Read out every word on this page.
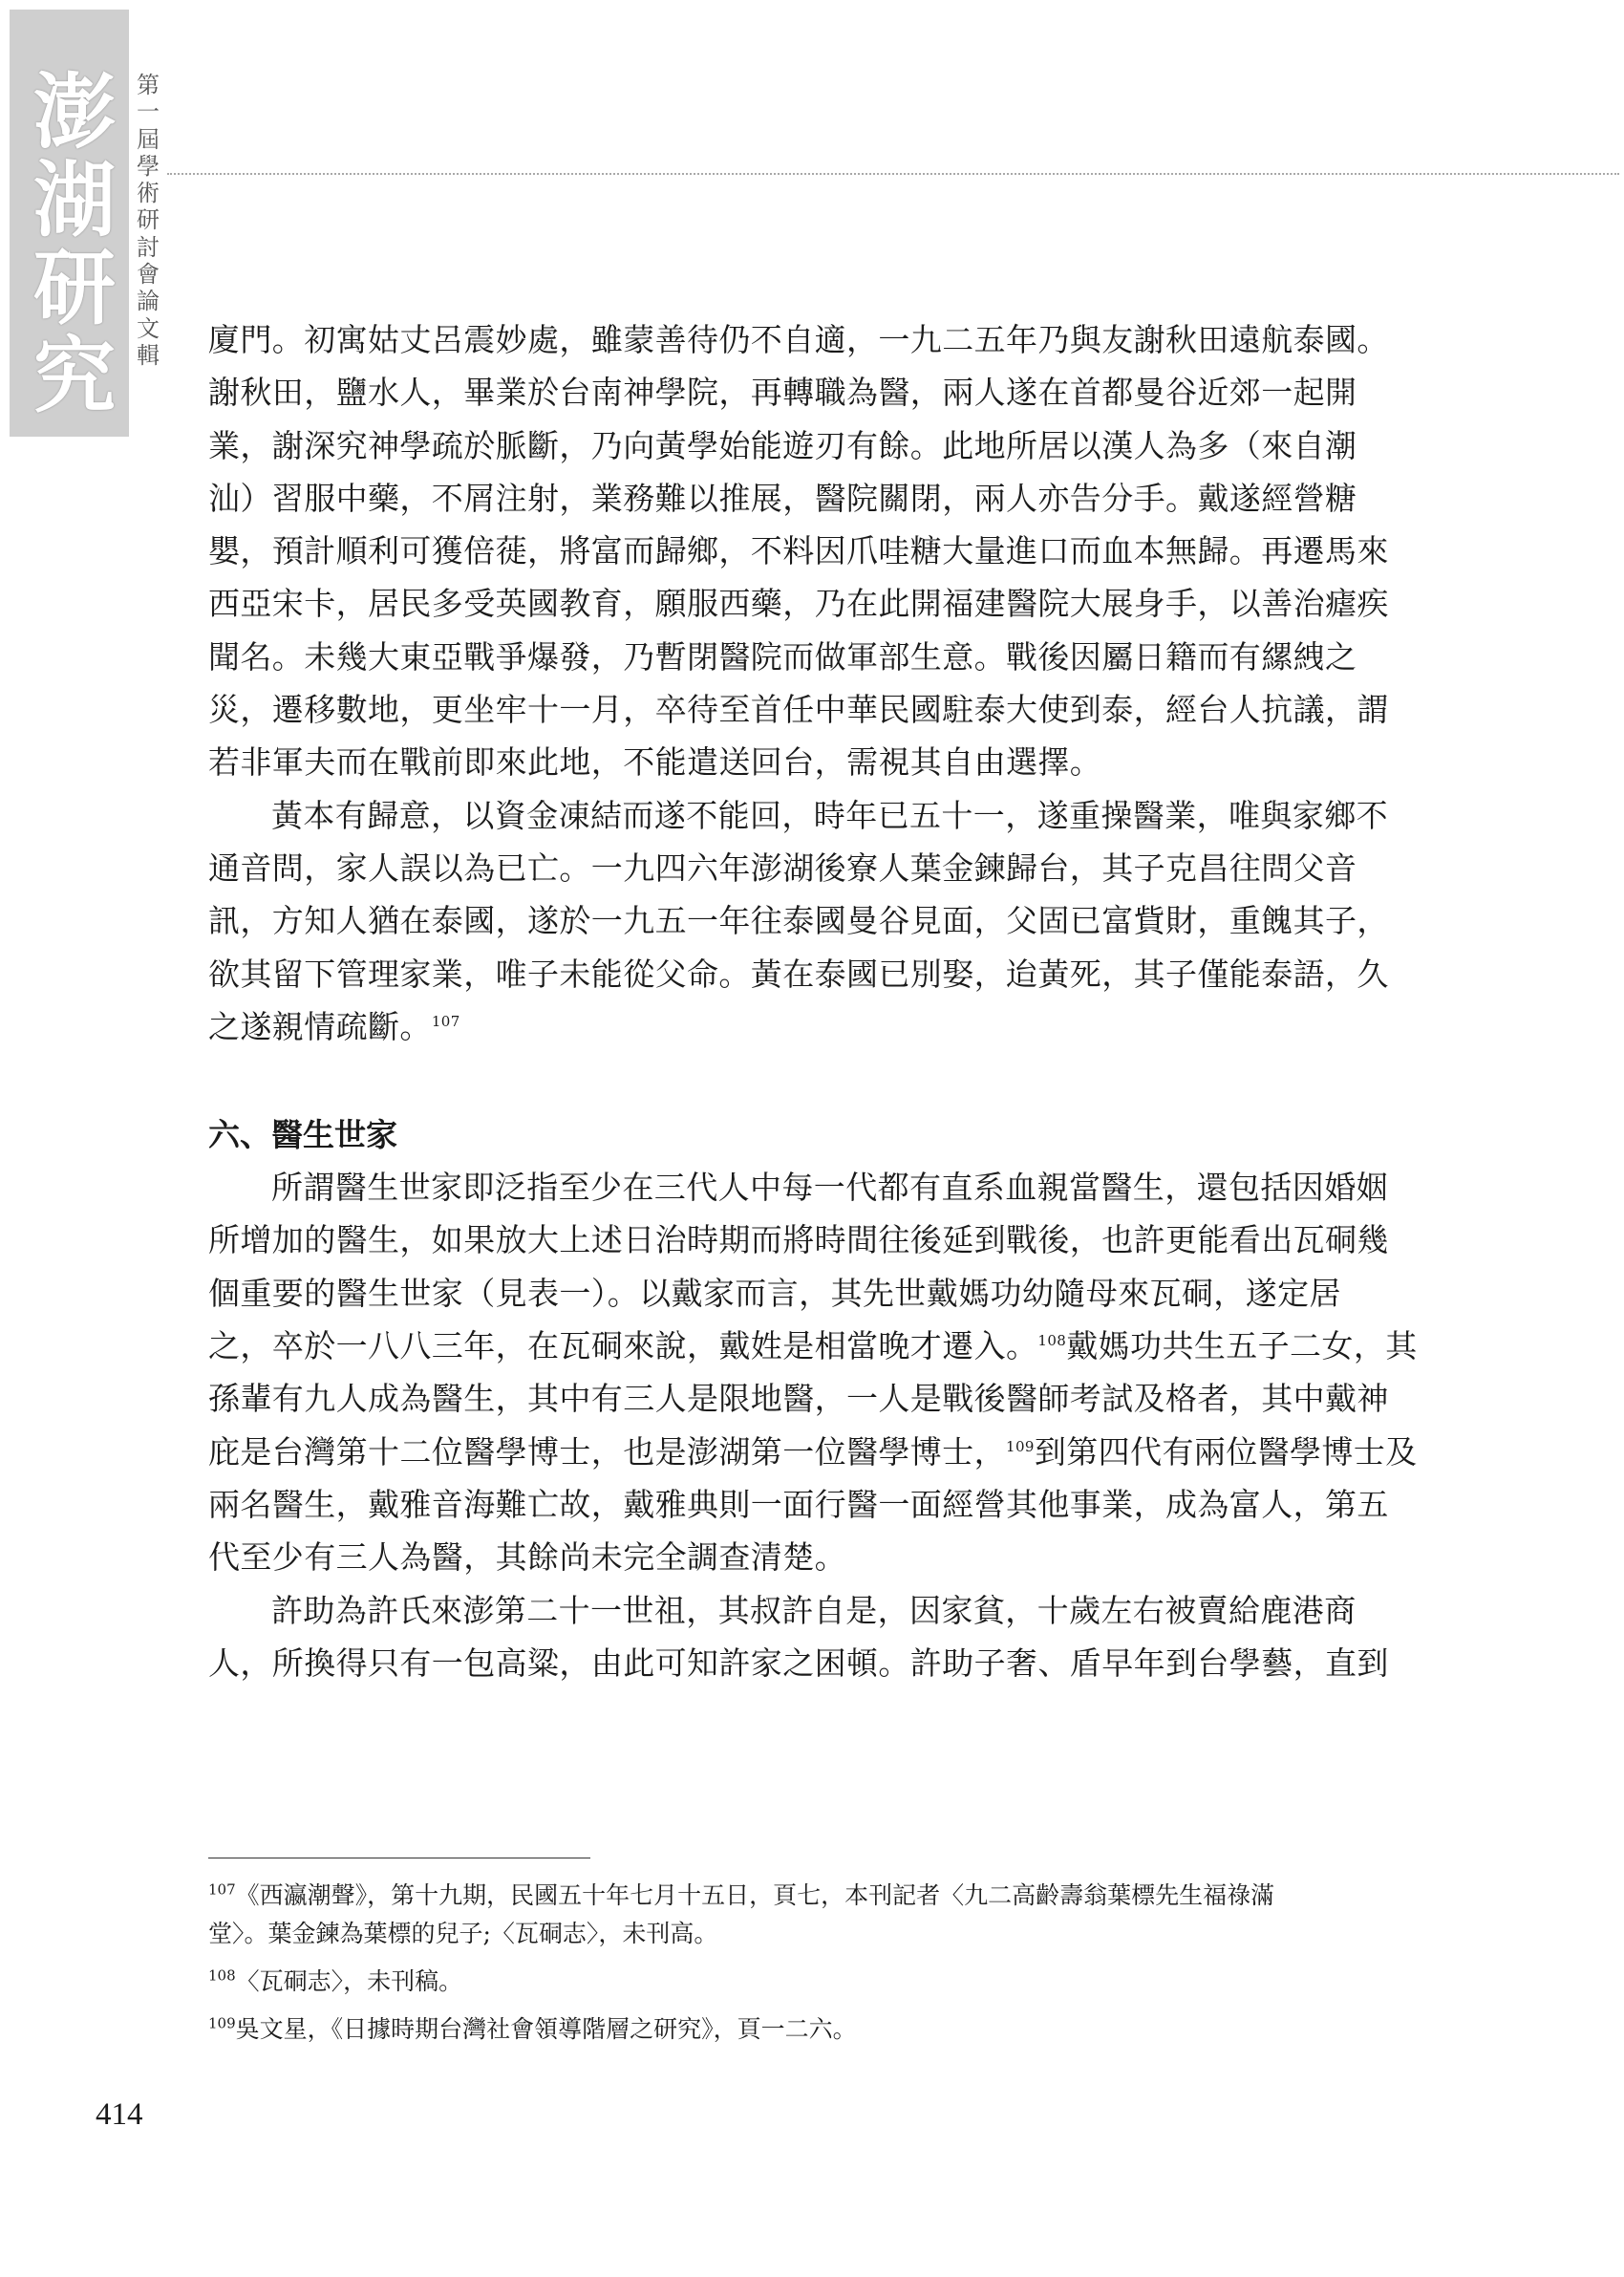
澎
湖
研
究
第
一
屆
學
術
研
討
會
論
文
輯 廈門。初寓姑丈呂震妙處，雖蒙善待仍不自適，一九二五年乃與友謝秋田遠航泰國。
謝秋田，鹽水人，畢業於台南神學院，再轉職為醫，兩人遂在首都曼谷近郊一起開
業，謝深究神學疏於脈斷，乃向黃學始能遊刃有餘。此地所居以漢人為多（來自潮
汕）習服中藥，不屑注射，業務難以推展，醫院關閉，兩人亦告分手。戴遂經營糖
嬰，預計順利可獲倍蓰，將富而歸鄉，不料因爪哇糖大量進口而血本無歸。再遷馬來
西亞宋卡，居民多受英國教育，願服西藥，乃在此開福建醫院大展身手，以善治瘧疾
聞名。未幾大東亞戰爭爆發，乃暫閉醫院而做軍部生意。戰後因屬日籍而有縲絏之
災，遷移數地，更坐牢十一月，卒待至首任中華民國駐泰大使到泰，經台人抗議，謂
若非軍夫而在戰前即來此地，不能遣送回台，需視其自由選擇。
黃本有歸意，以資金凍結而遂不能回，時年已五十一，遂重操醫業，唯與家鄉不
通音問，家人誤以為已亡。一九四六年澎湖後寮人葉金鍊歸台，其子克昌往問父音
訊，方知人猶在泰國，遂於一九五一年往泰國曼谷見面，父固已富貲財，重餽其子，
欲其留下管理家業，唯子未能從父命。黃在泰國已別娶，迨黃死，其子僅能泰語，久
之遂親情疏斷。$^{107}$
六、醫生世家
所謂醫生世家即泛指至少在三代人中每一代都有直系血親當醫生，還包括因婚姻
所增加的醫生，如果放大上述日治時期而將時間往後延到戰後，也許更能看出瓦硐幾
個重要的醫生世家（見表一）。以戴家而言，其先世戴媽功幼隨母來瓦硐，遂定居
之，卒於一八八三年，在瓦硐來說，戴姓是相當晚才遷入。$^{108}$戴媽功共生五子二女，其
孫輩有九人成為醫生，其中有三人是限地醫，一人是戰後醫師考試及格者，其中戴神
庇是台灣第十二位醫學博士，也是澎湖第一位醫學博士，$^{109}$到第四代有兩位醫學博士及
兩名醫生，戴雅音海難亡故，戴雅典則一面行醫一面經營其他事業，成為富人，第五
代至少有三人為醫，其餘尚未完全調查清楚。
許助為許氏來澎第二十一世祖，其叔許自是，因家貧，十歲左右被賣給鹿港商
人，所換得只有一包高粱，由此可知許家之困頓。許助子奢、盾早年到台學藝，直到
$^{107}$《西瀛潮聲》，第十九期，民國五十年七月十五日，頁七，本刊記者〈九二高齡壽翁葉標先生福祿滿
堂〉。葉金鍊為葉標的兒子;〈瓦硐志〉，未刊高。
$^{108}$〈瓦硐志〉，未刊稿。
$^{109}$吳文星，《日據時期台灣社會領導階層之研究》，頁一二六。
414
